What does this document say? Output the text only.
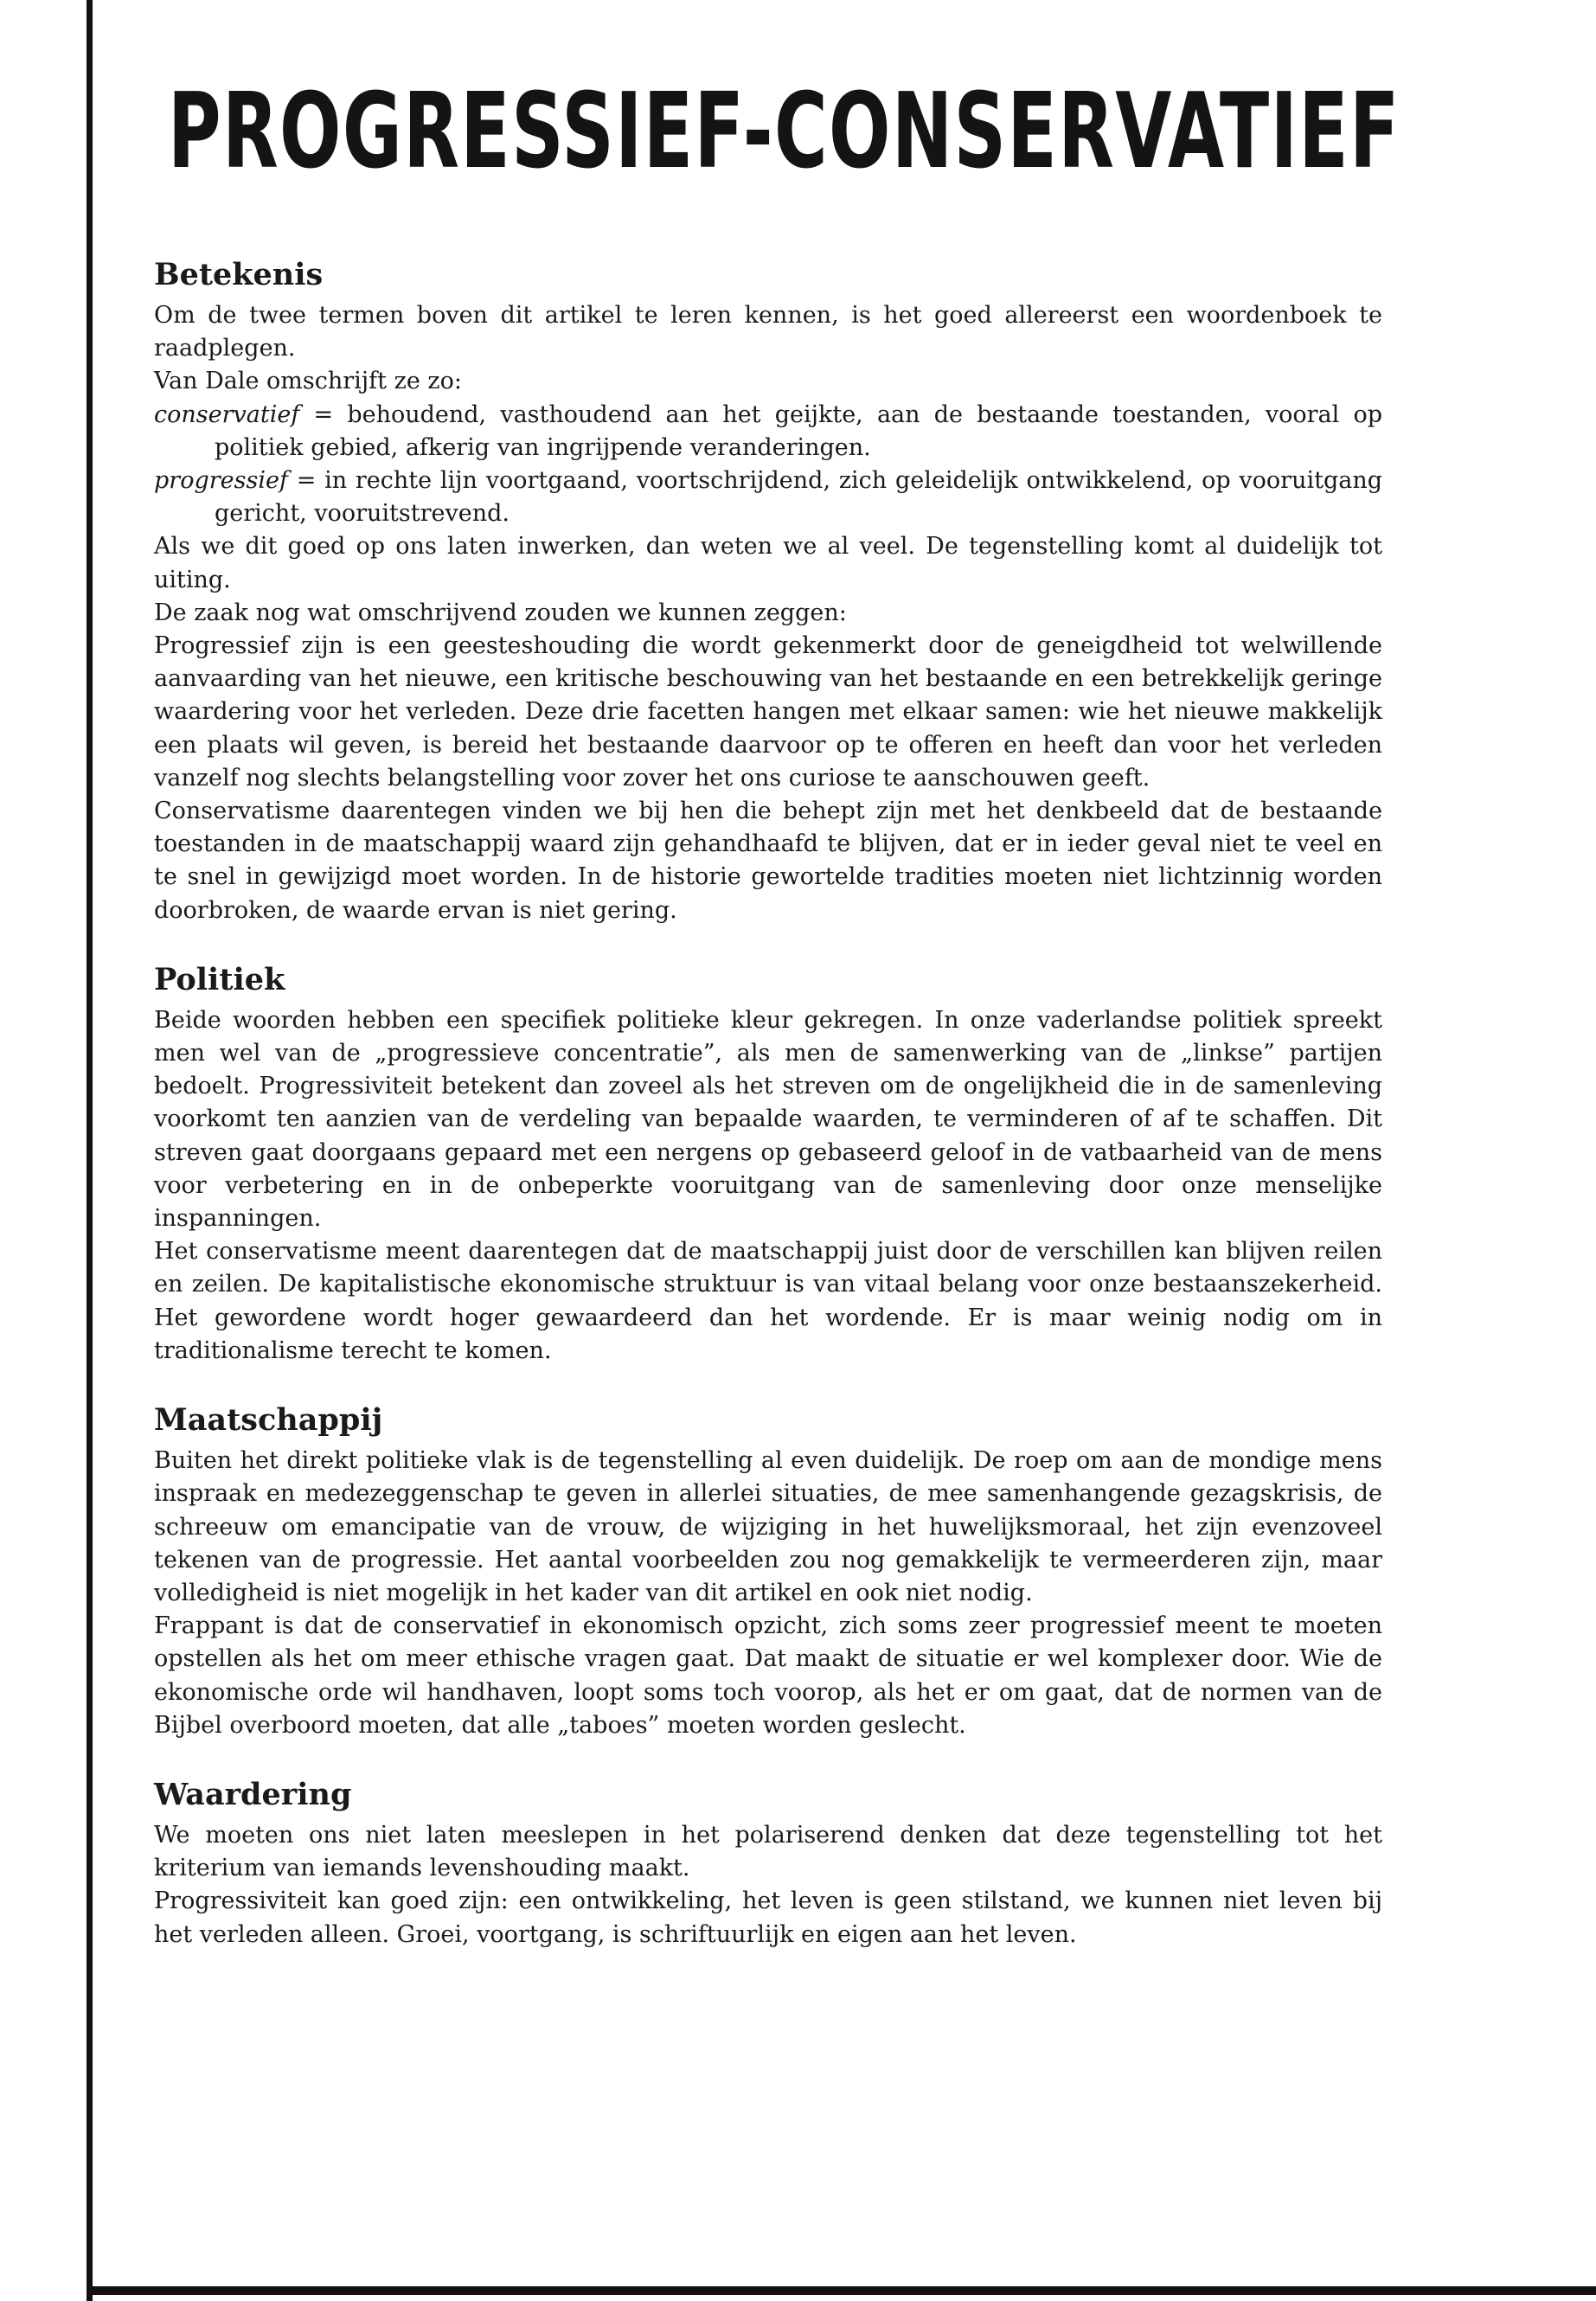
PROGRESSIEF-CONSERVATIEF
Betekenis

Om de twee termen boven dit artikel te leren kennen, is het goed allereerst een woordenboek te raadplegen.

Van Dale omschrijft ze zo:

conservatief = behoudend, vasthoudend aan het geijkte, aan de bestaande toestanden, vooral op politiek gebied, afkerig van ingrijpende veranderingen.

progressief = in rechte lijn voortgaand, voortschrijdend, zich geleidelijk ontwikkelend, op vooruitgang gericht, vooruitstrevend.

Als we dit goed op ons laten inwerken, dan weten we al veel. De tegenstelling komt al duidelijk tot uiting.

De zaak nog wat omschrijvend zouden we kunnen zeggen:

Progressief zijn is een geesteshouding die wordt gekenmerkt door de geneigdheid tot welwillende aanvaarding van het nieuwe, een kritische beschouwing van het bestaande en een betrekkelijk geringe waardering voor het verleden. Deze drie facetten hangen met elkaar samen: wie het nieuwe makkelijk een plaats wil geven, is bereid het bestaande daarvoor op te offeren en heeft dan voor het verleden vanzelf nog slechts belangstelling voor zover het ons curiose te aanschouwen geeft.

Conservatisme daarentegen vinden we bij hen die behept zijn met het denkbeeld dat de bestaande toestanden in de maatschappij waard zijn gehandhaafd te blijven, dat er in ieder geval niet te veel en te snel in gewijzigd moet worden. In de historie gewortelde tradities moeten niet lichtzinnig worden doorbroken, de waarde ervan is niet gering.

Politiek

Beide woorden hebben een specifiek politieke kleur gekregen. In onze vaderlandse politiek spreekt men wel van de „progressieve concentratie”, als men de samenwerking van de „linkse” partijen bedoelt. Progressiviteit betekent dan zoveel als het streven om de ongelijkheid die in de samenleving voorkomt ten aanzien van de verdeling van bepaalde waarden, te verminderen of af te schaffen. Dit streven gaat doorgaans gepaard met een nergens op gebaseerd geloof in de vatbaarheid van de mens voor verbetering en in de onbeperkte vooruitgang van de samenleving door onze menselijke inspanningen.

Het conservatisme meent daarentegen dat de maatschappij juist door de verschillen kan blijven reilen en zeilen. De kapitalistische ekonomische struktuur is van vitaal belang voor onze bestaanszekerheid. Het gewordene wordt hoger gewaardeerd dan het wordende. Er is maar weinig nodig om in traditionalisme terecht te komen.

Maatschappij

Buiten het direkt politieke vlak is de tegenstelling al even duidelijk. De roep om aan de mondige mens inspraak en medezeggenschap te geven in allerlei situaties, de mee samenhangende gezagskrisis, de schreeuw om emancipatie van de vrouw, de wijziging in het huwelijksmoraal, het zijn evenzoveel tekenen van de progressie. Het aantal voorbeelden zou nog gemakkelijk te vermeerderen zijn, maar volledigheid is niet mogelijk in het kader van dit artikel en ook niet nodig.

Frappant is dat de conservatief in ekonomisch opzicht, zich soms zeer progressief meent te moeten opstellen als het om meer ethische vragen gaat. Dat maakt de situatie er wel komplexer door. Wie de ekonomische orde wil handhaven, loopt soms toch voorop, als het er om gaat, dat de normen van de Bijbel overboord moeten, dat alle „taboes” moeten worden geslecht.

Waardering

We moeten ons niet laten meeslepen in het polariserend denken dat deze tegenstelling tot het kriterium van iemands levenshouding maakt.

Progressiviteit kan goed zijn: een ontwikkeling, het leven is geen stilstand, we kunnen niet leven bij het verleden alleen. Groei, voortgang, is schriftuurlijk en eigen aan het leven.
